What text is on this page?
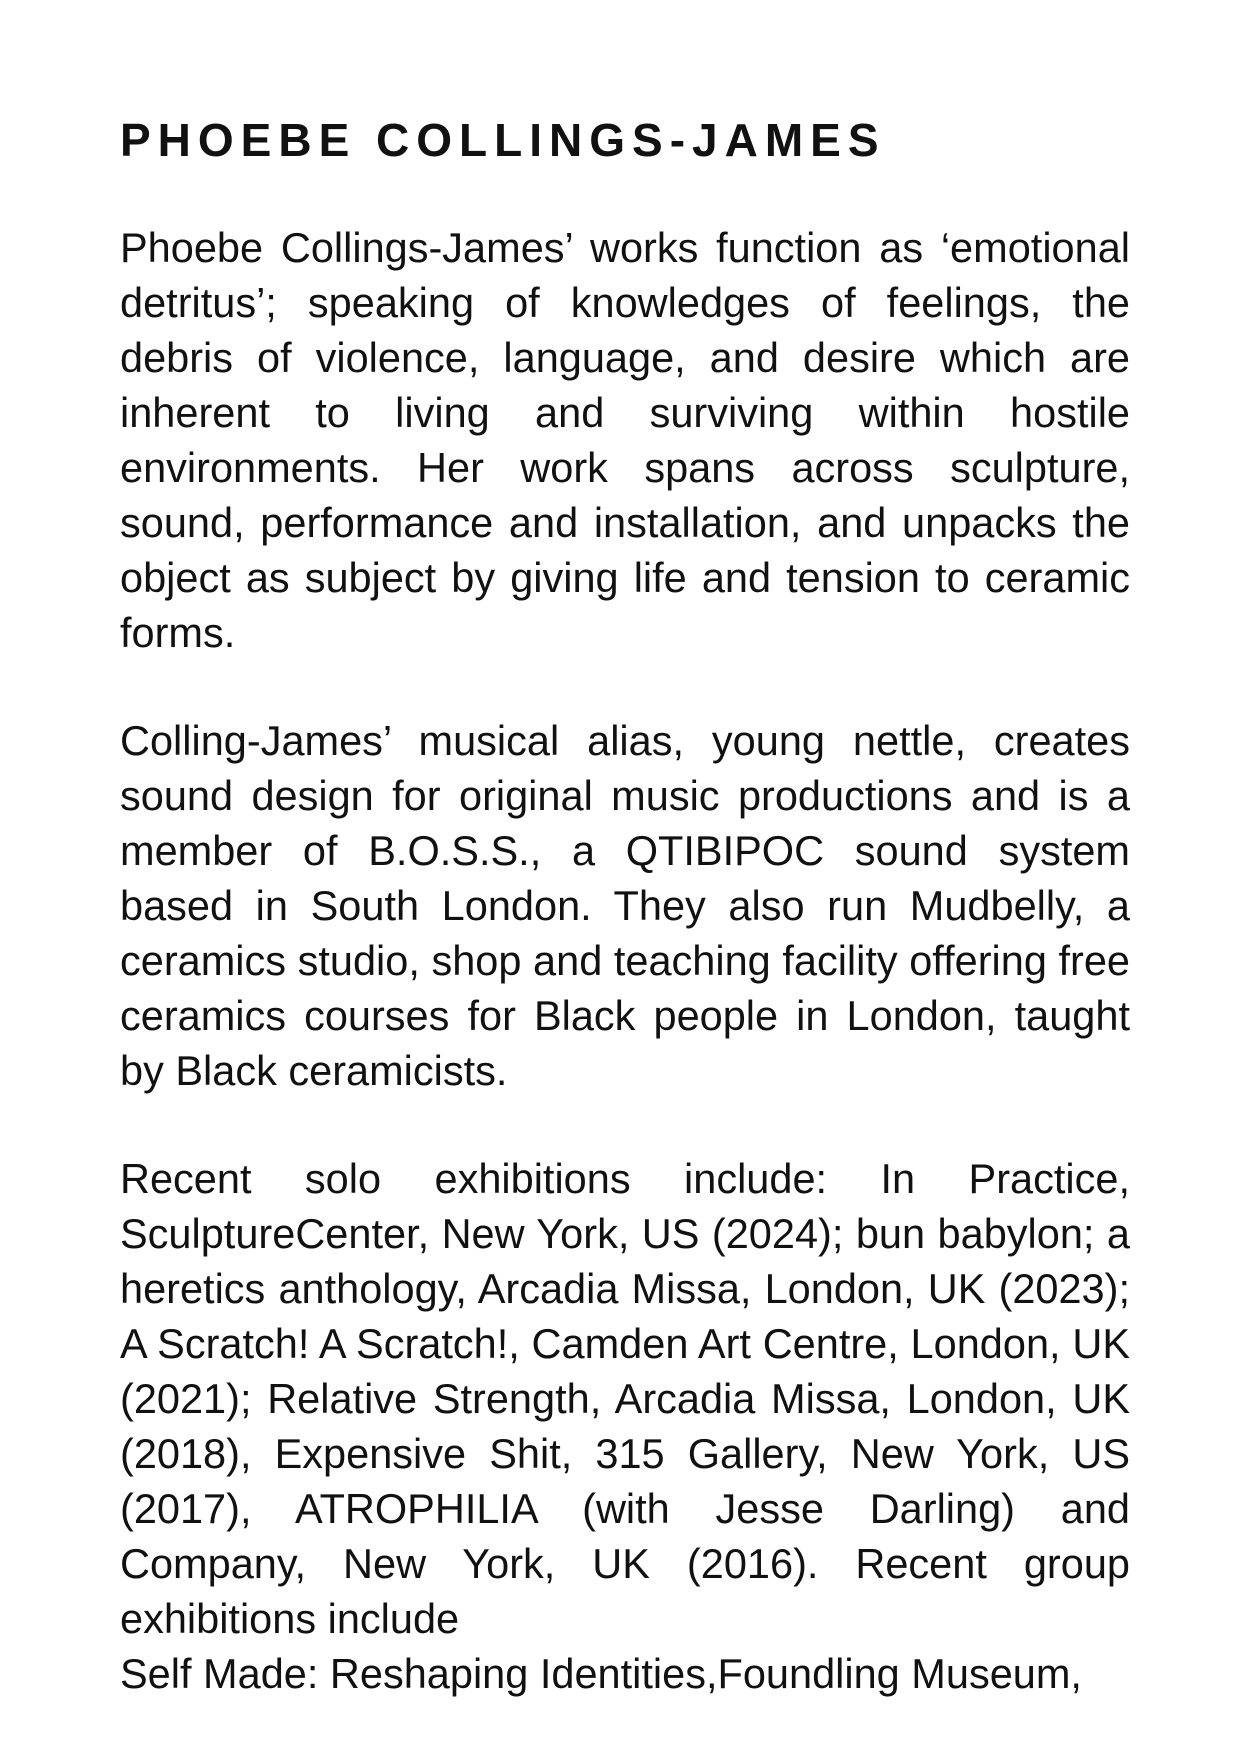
PHOEBE COLLINGS-JAMES

Phoebe Collings-James’ works function as ‘emotional detritus’; speaking of knowledges of feelings, the debris of violence, language, and desire which are inherent to living and surviving within hostile environments. Her work spans across sculpture, sound, performance and installation, and unpacks the object as subject by giving life and tension to ceramic forms.

Colling-James’ musical alias, young nettle, creates sound design for original music productions and is a member of B.O.S.S., a QTIBIPOC sound system based in South London. They also run Mudbelly, a ceramics studio, shop and teaching facility offering free ceramics courses for Black people in London, taught by Black ceramicists.

Recent solo exhibitions include: In Practice, SculptureCenter, New York, US (2024); bun babylon; a heretics anthology, Arcadia Missa, London, UK (2023); A Scratch! A Scratch!, Camden Art Centre, London, UK (2021); Relative Strength, Arcadia Missa, London, UK (2018), Expensive Shit, 315 Gallery, New York, US (2017), ATROPHILIA (with Jesse Darling) and Company, New York, UK (2016). Recent group exhibitions include
Self Made: Reshaping Identities,Foundling Museum,
